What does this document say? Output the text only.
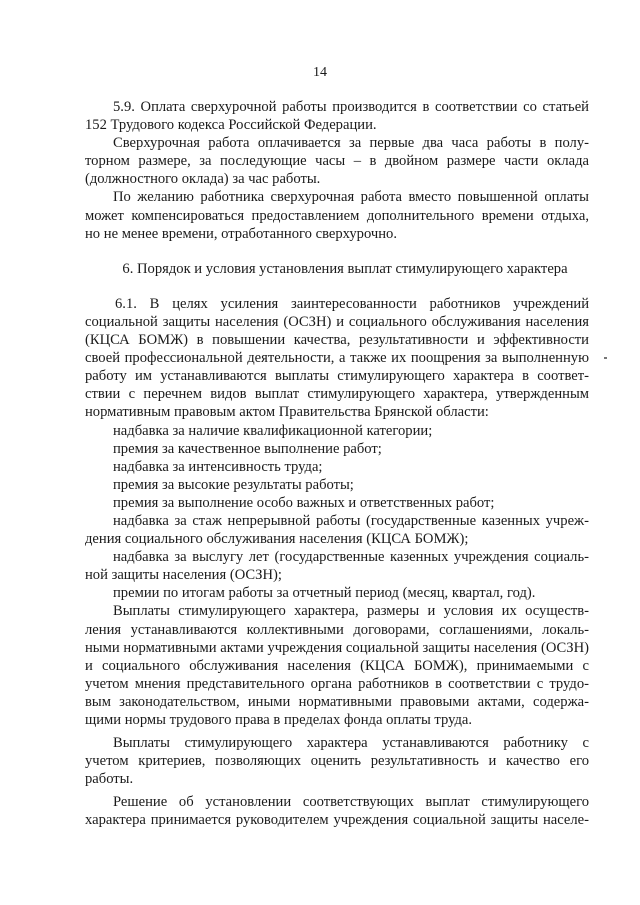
14
5.9. Оплата сверхурочной работы производится в соответствии со статьей
152 Трудового кодекса Российской Федерации.
Сверхурочная работа оплачивается за первые два часа работы в полу-
торном размере, за последующие часы – в двойном размере части оклада
(должностного оклада) за час работы.
По желанию работника сверхурочная работа вместо повышенной оплаты
может компенсироваться предоставлением дополнительного времени отдыха,
но не менее времени, отработанного сверхурочно.
6. Порядок и условия установления выплат стимулирующего характера
6.1. В целях усиления заинтересованности работников учреждений
социальной защиты населения (ОСЗН) и социального обслуживания населения
(КЦСА БОМЖ) в повышении качества, результативности и эффективности
своей профессиональной деятельности, а также их поощрения за выполненную
работу им устанавливаются выплаты стимулирующего характера в соответ-
ствии с перечнем видов выплат стимулирующего характера, утвержденным
нормативным правовым актом Правительства Брянской области:
надбавка за наличие квалификационной категории;
премия за качественное выполнение работ;
надбавка за интенсивность труда;
премия за высокие результаты работы;
премия за выполнение особо важных и ответственных работ;
надбавка за стаж непрерывной работы (государственные казенных учреж-
дения социального обслуживания населения (КЦСА БОМЖ);
надбавка за выслугу лет (государственные казенных учреждения социаль-
ной защиты населения (ОСЗН);
премии по итогам работы за отчетный период (месяц, квартал, год).
Выплаты стимулирующего характера, размеры и условия их осуществ-
ления устанавливаются коллективными договорами, соглашениями, локаль-
ными нормативными актами учреждения социальной защиты населения (ОСЗН)
и социального обслуживания населения (КЦСА БОМЖ), принимаемыми с
учетом мнения представительного органа работников в соответствии с трудо-
вым законодательством, иными нормативными правовыми актами, содержа-
щими нормы трудового права в пределах фонда оплаты труда.
Выплаты стимулирующего характера устанавливаются работнику с
учетом критериев, позволяющих оценить результативность и качество его
работы.
Решение об установлении соответствующих выплат стимулирующего
характера принимается руководителем учреждения социальной защиты населе-
